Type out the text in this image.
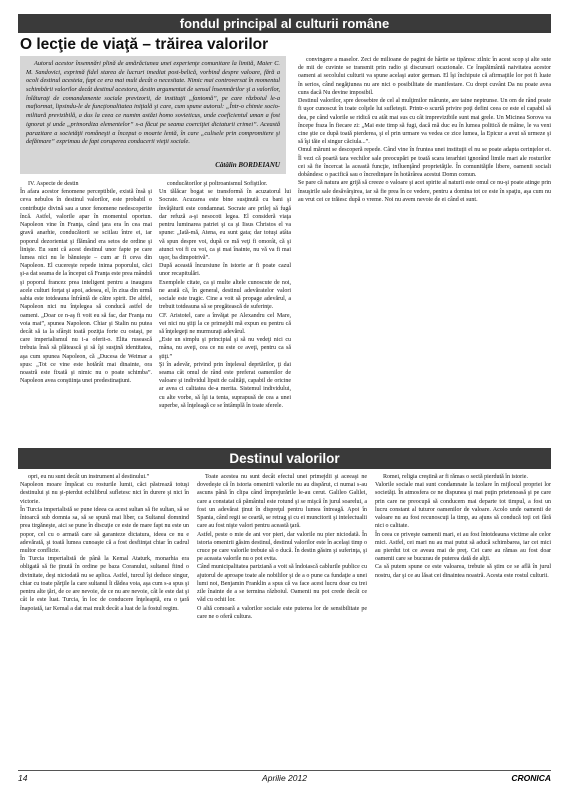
fondul principal al culturii române
O lecţie de viaţă – trăirea valorilor
Autorul acestor însemnări plină de amărăciunea unei experienţe comunitare la limită, Maier C. M. Sandovici, exprimă fidel starea de lucruri imediat post-belică, vorbind despre valoare, fără a ocoli destinul acesteia, fapt ce era mai mult decât o necesitate. Nimic mai controversat în momentul schimbării valorilor decât destinul acestora, destin argumentat de sensul însemnărilor şi a valorilor, înlăturaţi de comandamente sociale previzorii, de instituţii „fantomă”, pe care războiul le-a mafiormat, lipsindu-le de funcţionalitatea iniţială şi care, cum spune autorul: „Într-o chimie socio-militară previzibilă, a dus la ceea ce numim astăzi homo sovieticus, unde coeficientul uman a fost ignorat şi unde „primordiza elementelor” s-a făcut pe seama coerciţiei dictaturii crimei”. Această parazitare a societăţii româneşti a început o moarte lentă, în care „culisele prin compromitere şi defăimare” exprimau de fapt coruperea conducerii vieţii sociale.
Cătălin BORDEIANU

IV. Aspecte de destin
În afara acestor fenomene perceptibile, există însă şi ceva nebulos în destinul valorilor, este probabil o contribuţie divină sau a unor fenomene nedescoperite încă. Astfel, valorile apar în momentul oportun. Napoleon vine în Franţa, când ţara era în cea mai gravă anarhie, conducătorii se sciilau între ei, iar poporul dezorientat şi flămând era setos de ordine şi linişte. Eu sunt că acest destinul unor fapte pe care lumea nici nu le bănuieşte – cum ar fi ceva din Napoleon. El cucereşte repede inima poporului, căci şi-a dat seama de la început că Franţa este prea mândră şi poporul francez prea inteligent pentru a inaugura acele culturi forţat şi apoi, adesea, el, în ziua din urmă sabia este totdeauna înfrântă de către spirit. De altfel, Napoleon nici nu înţelegea să conducă astfel de oameni. „Doar ce n-aş fi voit eu să fac, dar Franţa nu voia mai”, spunea Napoleon. Chiar şi Stalin nu putea decât să ia la sfârşit toată poziţia forte cu ostaşi, pe care imperialismul nu i-a oferit-o. Elita rusească trebuia însă să plătească şi să îşi susţină identitatea, aşa cum spunea Napoleon, că „Ducesa de Weimar a spus: „Tot ce vine este hotărât mai dinainte, ora noastră este fixată şi nimic nu o poate schimba”. Napoleon avea conştiinţa unei predestinaţiuni.

conducătorilor şi poltroanismul Sofiştilor.
Un tălăcar bogat se transformă în acuzatorul lui Socrate. Acuzarea este bine susţinută cu bani şi învăţăturii este condamnat. Socrate are prilej să fugă dar refuză a-şi nesocoti legea. El consideră viaţa pentru luminarea patriei şi ca şi Iisus Christos el va spune: „Iată-mă, Atena, eu sunt gata; dar totuşi atâta vă spun despre voi, după ce mă veţi fi omorât, că şi atunci voi fi cu voi, ca şi mai înainte, nu vă va fi mai uşor, ba dimpotrivă”.
După această încursiune în istorie ar fi poate cazul unor recapitulări.
Exemplele citate, ca şi multe altele cunoscute de noi, ne arată că, în general, destinul adevăratelor valori sociale este tragic. Cine a voit să propage adevărul, a trebuit totdeauna să se pregătească de suferinţe.
CF. Aristotel, care a învăţat pe Alexandru cel Mare, vei nici nu ştiţi la ce primejdii mă expun eu pentru că să înţelegeţi ne murmuraţi adevărul.
„Este un simplu şi principial şi să nu vedeţi nici cu mâna, nu aveţi, cea ce nu este ce aveţi, pentru ca să ştiţi.”
Şi în adevăr, privind prin înţelesul deprtărilor, ţi dai seama cât omul de rând este preferat oamenilor de valoare şi individul lipsit de calităţi, capabil de oricine ar avea ci calitatea de-a merita. Sistemul individului, cu alte vorbe, să îşi ia tenta, suprapusă de cea a unei superbe, să înţeleagă ce se întâmplă în toate sferele.

convingere a maselor. Zeci de milioane de pagini de hârtie se tipăresc zilnic în acest scop şi alte sute de mii de cuvinte se transmit prin radio şi discursuri ocazionale. Ce înspăimântă naivitatea acestor oameni ai secolului culturii va spune acelaşi autor german. El îşi închipuie că afirmaţiile lor pot fi luate în serios, când negăţiunea nu are nici o posibilitate de manifestare. Cu drept cuvânt Da nu poate avea cuns dacă Nu devine imposibil.
Destinul valorilor, spre deosebire de cel al mulţimilor mărunte, are taine neptrunse. Un om de rând poate fi uşor cunoscut în toate colţele lui sufleteşti. Printr-o scurtă privire poţi defini ceea ce este el capabil să dea, pe când valorile se ridică cu atât mai sus cu cât imprevizibile sunt mai grele. Un Micinea Sorova va începe fraza în fiecare zi: „Mai este timp să fugi, dacă mă duc eu în lumea politică de mâine, le va veni cine ştie ce după toată pierderea, şi el prin urmare va vedea ce zice lumea, la Epicur a avut să urmeze şi să îşi tăie el singur căciula...”.
Omul mărunt se descoperă repede. Când vine în fruntea unei instituţii el nu se poate adapta cerinţelor ei. Îl vezi că poartă tara vechilor sale preocupări pe toată scara ierarhiei ignorând limile mari ale rosturilor cei să fie încercat la această funcţie, influenţând proprietăţile. În comunităţile libere, oamenii sociali dobândesc o pacifică sau o încredinţare în hotărârea acestui Domn comun.
Se pare că natura are grijă să creeze o valoare şi acei spirite al naturii este omul ce nu-şi poate atinge prin însuşirile sale desăvârşirea, iar să fie prea în ce vedere, pentru a domina tot ce este în spaţiu, aşa cum nu au vrut cei ce trăiesc după o vreme. Noi nu avem nevoie de ei când ei sunt.

Destinul valorilor

opri, eu nu sunt decât un instrument al destinului.”
Napoleon moare împăcat cu rosturile lumii, căci păstrează totuşi destinului şi nu şi-pierdut echilibrul sufletesc nici în durere şi nici în victorie.
În Turcia imperialistă se pune ideea ca acest sultan să fie sultan, să se întoarcă sub domnia sa, să se spună mai liber, ca Sultanul domnind prea tirgăneşte, aici se pune în discuţie ce este de mare fapt nu este un popor, cel cu o armată care să garanteze dictatura, ideea ce nu e adevărată, şi toată lumea cunoaşte că a fost desfiinţat chiar în cadrul multor conflicte.
În Turcia imperialistă de până la Kemal Ataturk, monarhia era obligată să fie ţinută în ordine pe baza Coranului, sultanul fiind o divinitate, deşi niciodată nu se aplica. Astfel, turcul îşi deduce singur, chiar cu toate părţile la care sultanul îi dădea voia, aşa cum s-a spus şi pentru alte ţări, de ce are nevoie, de ce nu are nevoie, cât le este dat şi cât le este luat. Turcia, în loc de conducere înţeleaptă, era o ţară înapoiată, iar Kemal a dat mai mult decât a luat de la fostul regim.

Toate acestea nu sunt decât efectul unei primejdii şi aceeaşi ne dovedeşte că în istoria omenirii valorile nu au dispărut, ci numai s-au ascuns până în clipa când împrejurările le-au cerut. Galileo Galilei, care a constatat că pământul este rotund şi se mişcă în jurul soarelui, a fost un adevărat ţinut în dispreţul pentru lumea întreagă. Apoi în Spania, când regii se ceartă, se retrag şi cu ei muncitorii şi intelectualii care au fost nişte valori pentru această ţară.
Astfel, peste o mie de ani vor pieri, dar valorile nu pier niciodată. În istoria omenirii găsim destinul, destinul valorilor este în acelaşi timp o cruce pe care valorile trebuie să o ducă. În destin găsim şi suferinţa, şi pe aceasta valorile nu o pot evita.
Când municipalitatea pariziană a voit să îndoiască cablurile publice cu ajutorul de aproape toate ale nobililor şi de a o pune ca fundaţie a unei lumi noi, Benjamin Franklin a spus că va face acest lucru doar cu trei zile înainte de a se termina războiul. Oamenii nu pot crede decât ce văd cu ochii lor.
O altă comoară a valorilor sociale este puterea lor de sensibilitate pe care ne o oferă cultura.

Romei, religia creştină ar fi rămas o sectă pierdută în istorie.
Valorile sociale mai sunt condamnate la izolare în mijlocul propriei lor societăţi. În atmosfera ce ne dispunea şi mai puţin prietenoasă şi pe care prin care ne preocupă să conducem mai departe tot timpul, a fost un lucru constant al tuturor oamenilor de valoare. Acolo unde oamenii de valoare nu au fost recunoscuţi la timp, au ajuns să conducă toţi cei fără nici o calitate.
În ceea ce priveşte oamenii mari, ei au fost întotdeauna victime ale celor mici. Astfel, cei mari nu au mai putut să aducă schimbarea, iar cei mici au pierdut tot ce aveau mai de preţ. Cei care au rămas au fost doar oamenii care se bucurau de puterea dată de alţii.
Ca să putem spune ce este valoarea, trebuie să ştim ce se află în jurul nostru, dar şi ce au lăsat cei dinaintea noastră. Acesta este rostul culturii.

14	Aprilie 2012	CRONICA
